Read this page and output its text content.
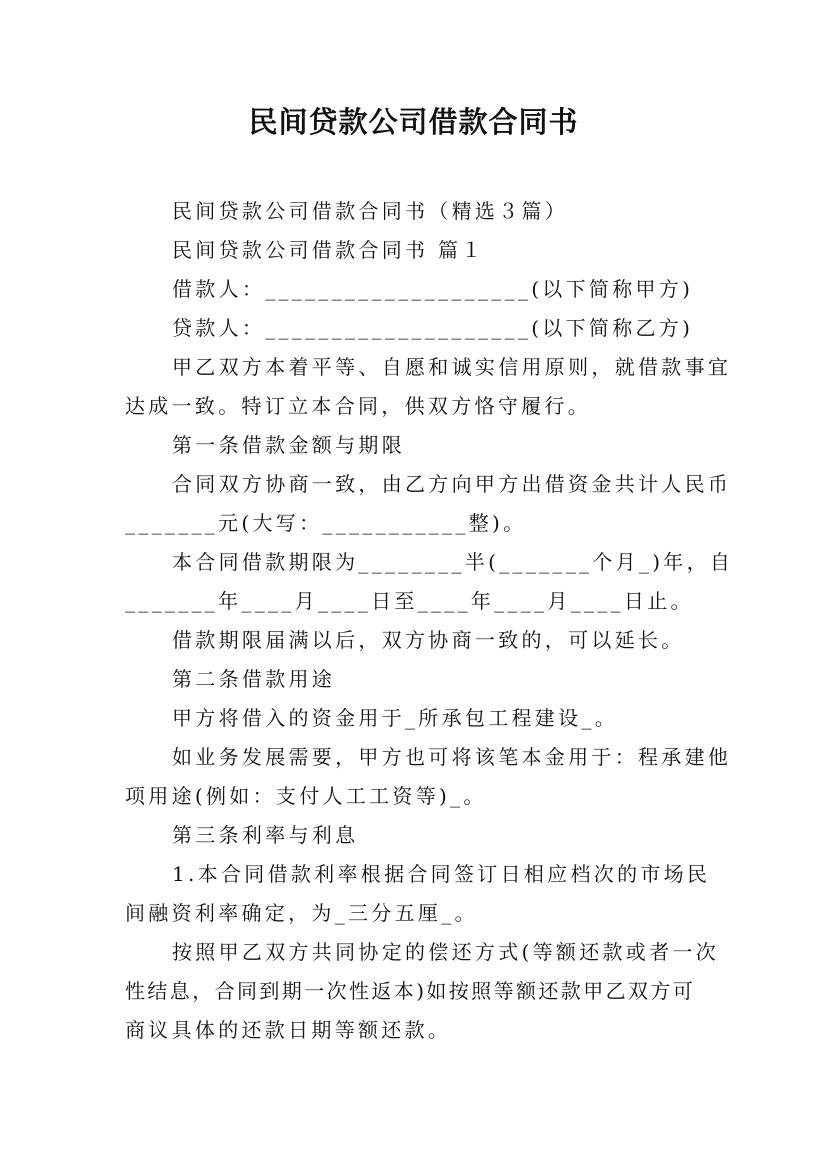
民间贷款公司借款合同书
民间贷款公司借款合同书（精选３篇）
民间贷款公司借款合同书 篇１
借款人：____________________(以下简称甲方)
贷款人：____________________(以下简称乙方)
甲乙双方本着平等、自愿和诚实信用原则，就借款事宜
达成一致。特订立本合同，供双方恪守履行。
第一条借款金额与期限
合同双方协商一致，由乙方向甲方出借资金共计人民币
_______元(大写：___________整)。
本合同借款期限为________半(_______个月_)年，自
_______年____月____日至____年____月____日止。
借款期限届满以后，双方协商一致的，可以延长。
第二条借款用途
甲方将借入的资金用于_所承包工程建设_。
如业务发展需要，甲方也可将该笔本金用于：程承建他
项用途(例如：支付人工工资等)_。
第三条利率与利息
1.本合同借款利率根据合同签订日相应档次的市场民
间融资利率确定，为_三分五厘_。
按照甲乙双方共同协定的偿还方式(等额还款或者一次
性结息，合同到期一次性返本)如按照等额还款甲乙双方可
商议具体的还款日期等额还款。
